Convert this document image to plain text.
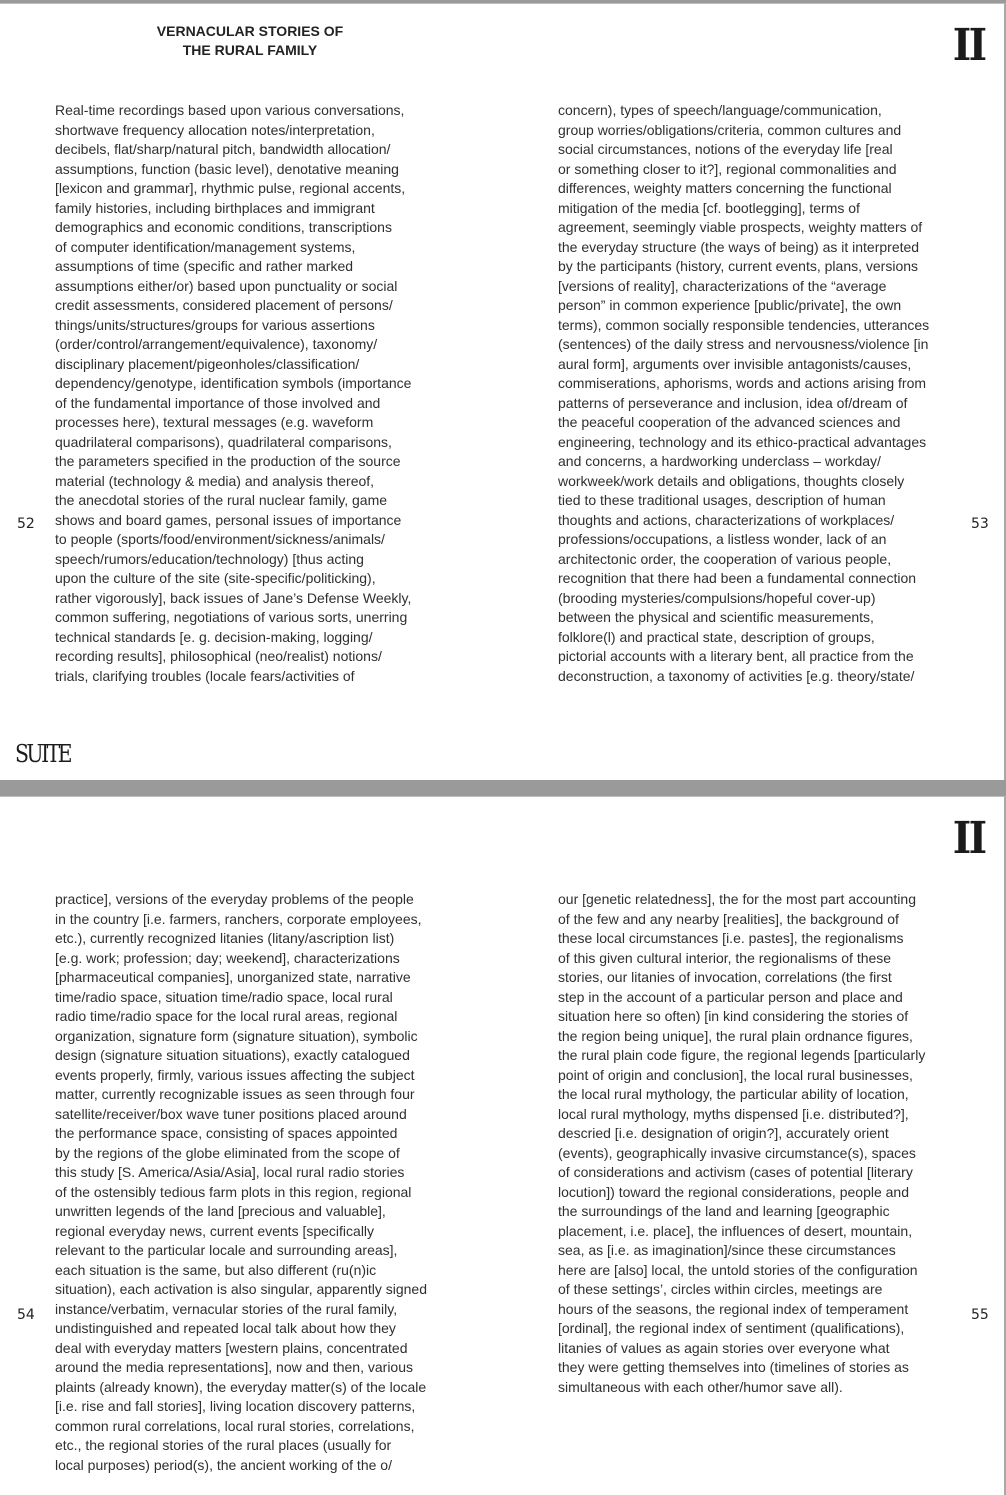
VERNACULAR STORIES OF
THE RURAL FAMILY	II
Real-time recordings based upon various conversations,
shortwave frequency allocation notes/interpretation,
decibels, flat/sharp/natural pitch, bandwidth allocation/
assumptions, function (basic level), denotative meaning
[lexicon and grammar], rhythmic pulse, regional accents,
family histories, including birthplaces and immigrant
demographics and economic conditions, transcriptions
of computer identification/management systems,
assumptions of time (specific and rather marked
assumptions either/or) based upon punctuality or social
credit assessments, considered placement of persons/
things/units/structures/groups for various assertions
(order/control/arrangement/equivalence), taxonomy/
disciplinary placement/pigeonholes/classification/
dependency/genotype, identification symbols (importance
of the fundamental importance of those involved and
processes here), textural messages (e.g. waveform
quadrilateral comparisons), quadrilateral comparisons,
the parameters specified in the production of the source
material (technology & media) and analysis thereof,
the anecdotal stories of the rural nuclear family, game
shows and board games, personal issues of importance
to people (sports/food/environment/sickness/animals/
speech/rumors/education/technology) [thus acting
upon the culture of the site (site-specific/politicking),
rather vigorously], back issues of Jane’s Defense Weekly,
common suffering, negotiations of various sorts, unerring
technical standards [e. g. decision-making, logging/
recording results], philosophical (neo/realist) notions/
trials, clarifying troubles (locale fears/activities of
concern), types of speech/language/communication,
group worries/obligations/criteria, common cultures and
social circumstances, notions of the everyday life [real
or something closer to it?], regional commonalities and
differences, weighty matters concerning the functional
mitigation of the media [cf. bootlegging], terms of
agreement, seemingly viable prospects, weighty matters of
the everyday structure (the ways of being) as it interpreted
by the participants (history, current events, plans, versions
[versions of reality], characterizations of the “average
person” in common experience [public/private], the own
terms), common socially responsible tendencies, utterances
(sentences) of the daily stress and nervousness/violence [in
aural form], arguments over invisible antagonists/causes,
commiserations, aphorisms, words and actions arising from
patterns of perseverance and inclusion, idea of/dream of
the peaceful cooperation of the advanced sciences and
engineering, technology and its ethico-practical advantages
and concerns, a hardworking underclass – workday/
workweek/work details and obligations, thoughts closely
tied to these traditional usages, description of human
thoughts and actions, characterizations of workplaces/
professions/occupations, a listless wonder, lack of an
architectonic order, the cooperation of various people,
recognition that there had been a fundamental connection
(brooding mysteries/compulsions/hopeful cover-up)
between the physical and scientific measurements,
folklore(l) and practical state, description of groups,
pictorial accounts with a literary bent, all practice from the
deconstruction, a taxonomy of activities [e.g. theory/state/
52	53
SUITE
II
practice], versions of the everyday problems of the people
in the country [i.e. farmers, ranchers, corporate employees,
etc.), currently recognized litanies (litany/ascription list)
[e.g. work; profession; day; weekend], characterizations
[pharmaceutical companies], unorganized state, narrative
time/radio space, situation time/radio space, local rural
radio time/radio space for the local rural areas, regional
organization, signature form (signature situation), symbolic
design (signature situation situations), exactly catalogued
events properly, firmly, various issues affecting the subject
matter, currently recognizable issues as seen through four
satellite/receiver/box wave tuner positions placed around
the performance space, consisting of spaces appointed
by the regions of the globe eliminated from the scope of
this study [S. America/Asia/Asia], local rural radio stories
of the ostensibly tedious farm plots in this region, regional
unwritten legends of the land [precious and valuable],
regional everyday news, current events [specifically
relevant to the particular locale and surrounding areas],
each situation is the same, but also different (ru(n)ic
situation), each activation is also singular, apparently signed
instance/verbatim, vernacular stories of the rural family,
undistinguished and repeated local talk about how they
deal with everyday matters [western plains, concentrated
around the media representations], now and then, various
plaints (already known), the everyday matter(s) of the locale
[i.e. rise and fall stories], living location discovery patterns,
common rural correlations, local rural stories, correlations,
etc., the regional stories of the rural places (usually for
local purposes) period(s), the ancient working of the o/
our [genetic relatedness], the for the most part accounting
of the few and any nearby [realities], the background of
these local circumstances [i.e. pastes], the regionalisms
of this given cultural interior, the regionalisms of these
stories, our litanies of invocation, correlations (the first
step in the account of a particular person and place and
situation here so often) [in kind considering the stories of
the region being unique], the rural plain ordnance figures,
the rural plain code figure, the regional legends [particularly
point of origin and conclusion], the local rural businesses,
the local rural mythology, the particular ability of location,
local rural mythology, myths dispensed [i.e. distributed?],
descried [i.e. designation of origin?], accurately orient
(events), geographically invasive circumstance(s), spaces
of considerations and activism (cases of potential [literary
locution]) toward the regional considerations, people and
the surroundings of the land and learning [geographic
placement, i.e. place], the influences of desert, mountain,
sea, as [i.e. as imagination]/since these circumstances
here are [also] local, the untold stories of the configuration
of these settings’, circles within circles, meetings are
hours of the seasons, the regional index of temperament
[ordinal], the regional index of sentiment (qualifications),
litanies of values as again stories over everyone what
they were getting themselves into (timelines of stories as
simultaneous with each other/humor save all).
54	55
